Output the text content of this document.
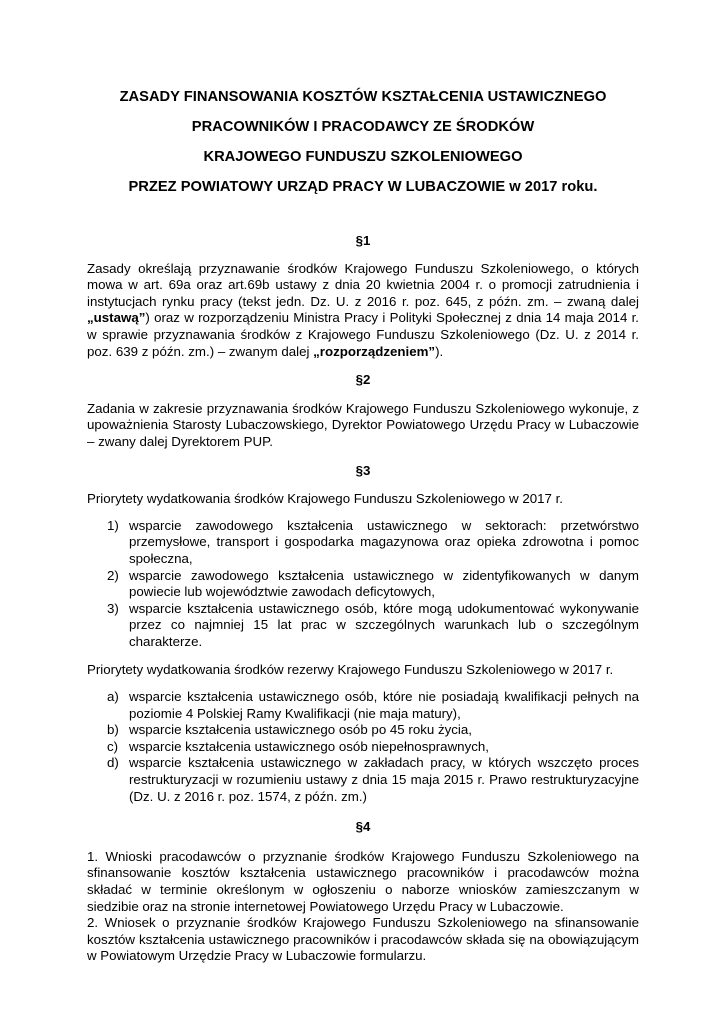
ZASADY FINANSOWANIA KOSZTÓW KSZTAŁCENIA USTAWICZNEGO
PRACOWNIKÓW I PRACODAWCY ZE ŚRODKÓW
KRAJOWEGO FUNDUSZU SZKOLENIOWEGO
PRZEZ POWIATOWY URZĄD PRACY W LUBACZOWIE w 2017 roku.

§1

Zasady określają przyznawanie środków Krajowego Funduszu Szkoleniowego, o których mowa w art. 69a oraz art.69b ustawy z dnia 20 kwietnia 2004 r. o promocji zatrudnienia i instytucjach rynku pracy (tekst jedn. Dz. U. z 2016 r. poz. 645, z późn. zm. – zwaną dalej „ustawą”) oraz w rozporządzeniu Ministra Pracy i Polityki Społecznej z dnia 14 maja 2014 r. w sprawie przyznawania środków z Krajowego Funduszu Szkoleniowego (Dz. U. z 2014 r. poz. 639 z późn. zm.) – zwanym dalej „rozporządzeniem”).

§2

Zadania w zakresie przyznawania środków Krajowego Funduszu Szkoleniowego wykonuje, z upoważnienia Starosty Lubaczowskiego, Dyrektor Powiatowego Urzędu Pracy w Lubaczowie – zwany dalej Dyrektorem PUP.

§3

Priorytety wydatkowania środków Krajowego Funduszu Szkoleniowego w 2017 r.

1) wsparcie zawodowego kształcenia ustawicznego w sektorach: przetwórstwo przemysłowe, transport i gospodarka magazynowa oraz opieka zdrowotna i pomoc społeczna,
2) wsparcie zawodowego kształcenia ustawicznego w zidentyfikowanych w danym powiecie lub województwie zawodach deficytowych,
3) wsparcie kształcenia ustawicznego osób, które mogą udokumentować wykonywanie przez co najmniej 15 lat prac w szczególnych warunkach lub o szczególnym charakterze.

Priorytety wydatkowania środków rezerwy Krajowego Funduszu Szkoleniowego w 2017 r.

a) wsparcie kształcenia ustawicznego osób, które nie posiadają kwalifikacji pełnych na poziomie 4 Polskiej Ramy Kwalifikacji (nie maja matury),
b) wsparcie kształcenia ustawicznego osób po 45 roku życia,
c) wsparcie kształcenia ustawicznego osób niepełnosprawnych,
d) wsparcie kształcenia ustawicznego w zakładach pracy, w których wszczęto proces restrukturyzacji w rozumieniu ustawy z dnia 15 maja 2015 r. Prawo restrukturyzacyjne (Dz. U. z 2016 r. poz. 1574, z późn. zm.)

§4

1. Wnioski pracodawców o przyznanie środków Krajowego Funduszu Szkoleniowego na sfinansowanie kosztów kształcenia ustawicznego pracowników i pracodawców można składać w terminie określonym w ogłoszeniu o naborze wniosków zamieszczanym w siedzibie oraz na stronie internetowej Powiatowego Urzędu Pracy w Lubaczowie.

2. Wniosek o przyznanie środków Krajowego Funduszu Szkoleniowego na sfinansowanie kosztów kształcenia ustawicznego pracowników i pracodawców składa się na obowiązującym w Powiatowym Urzędzie Pracy w Lubaczowie formularzu.
